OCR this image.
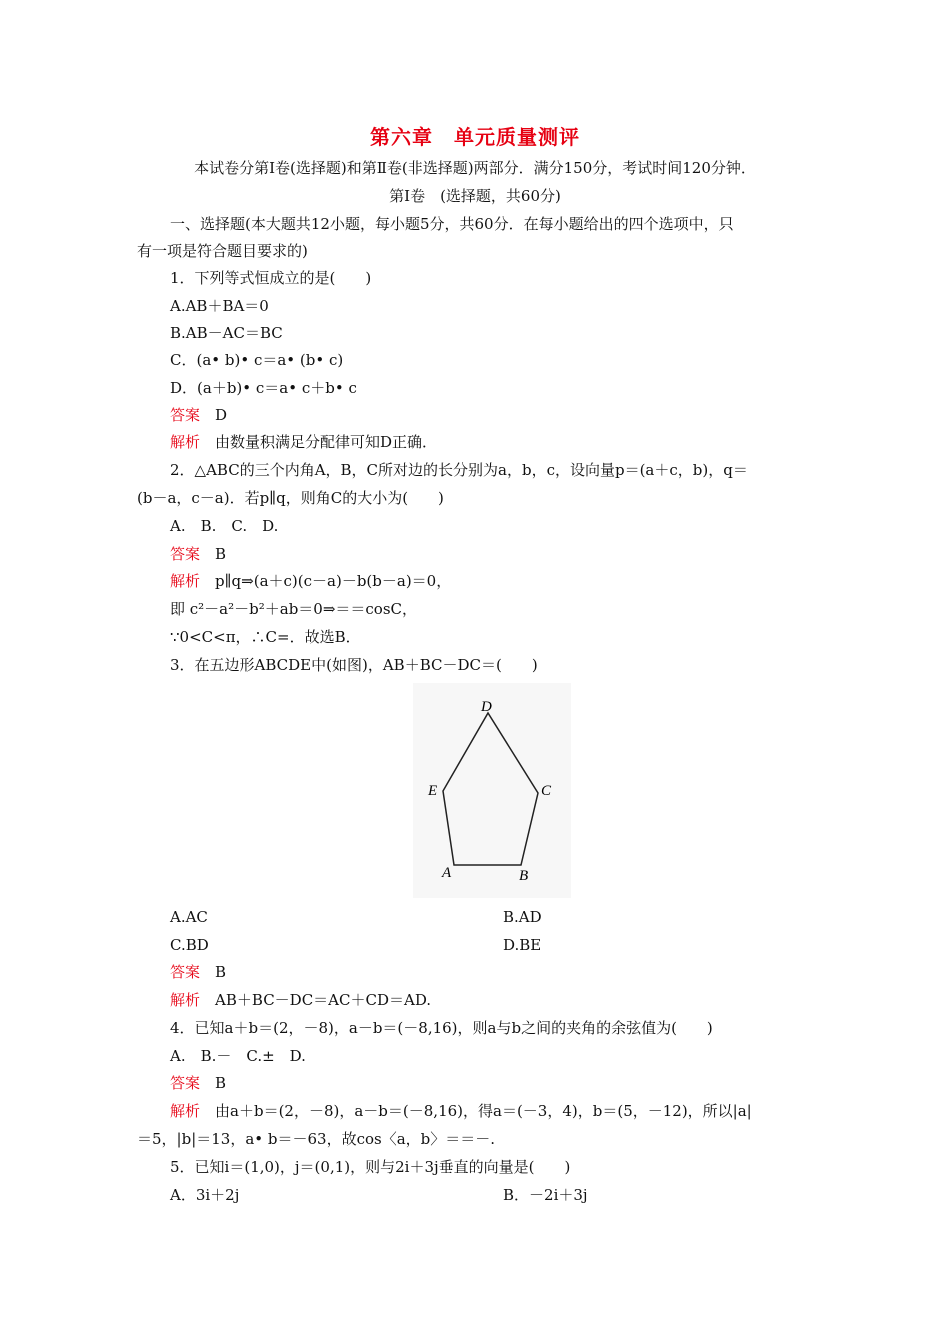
第六章　单元质量测评
本试卷分第Ⅰ卷(选择题)和第Ⅱ卷(非选择题)两部分．满分150分，考试时间120分钟．
第Ⅰ卷　(选择题，共60分)
一、选择题(本大题共12小题，每小题5分，共60分．在每小题给出的四个选项中，只
有一项是符合题目要求的)
1．下列等式恒成立的是(　　)
A.AB＋BA＝0
B.AB－AC＝BC
C．(a• b)• c＝a• (b• c)
D．(a＋b)• c＝a• c＋b• c
答案　 D
解析　 由数量积满足分配律可知D正确．
2．△ABC的三个内角A，B，C所对边的长分别为a，b，c，设向量p＝(a＋c，b)，q＝
(b－a，c－a)．若p∥q，则角C的大小为(　　)
A.　B.　C.　D.
答案　 B
解析　 p∥q⇒(a＋c)(c－a)－b(b－a)＝0，
即 c²－a²－b²＋ab＝0⇒＝＝cosC，
∵0<C<π，∴C=．故选B．
3．在五边形ABCDE中(如图)，AB＋BC－DC＝(　　)
D
E	C
A	B
A.AC	B.AD
C.BD	D.BE
答案　 B
解析　 AB＋BC－DC＝AC＋CD＝AD.
4．已知a＋b＝(2，－8)，a－b＝(－8,16)，则a与b之间的夹角的余弦值为(　　)
A.　B.－　C.±　D.
答案　 B
解析　 由a＋b＝(2，－8)，a－b＝(－8,16)，得a＝(－3，4)，b＝(5，－12)，所以|a|
＝5，|b|＝13，a• b＝－63，故cos〈a，b〉＝＝－.
5．已知i＝(1,0)，j＝(0,1)，则与2i＋3j垂直的向量是(　　)
A．3i＋2j	B．－2i＋3j
